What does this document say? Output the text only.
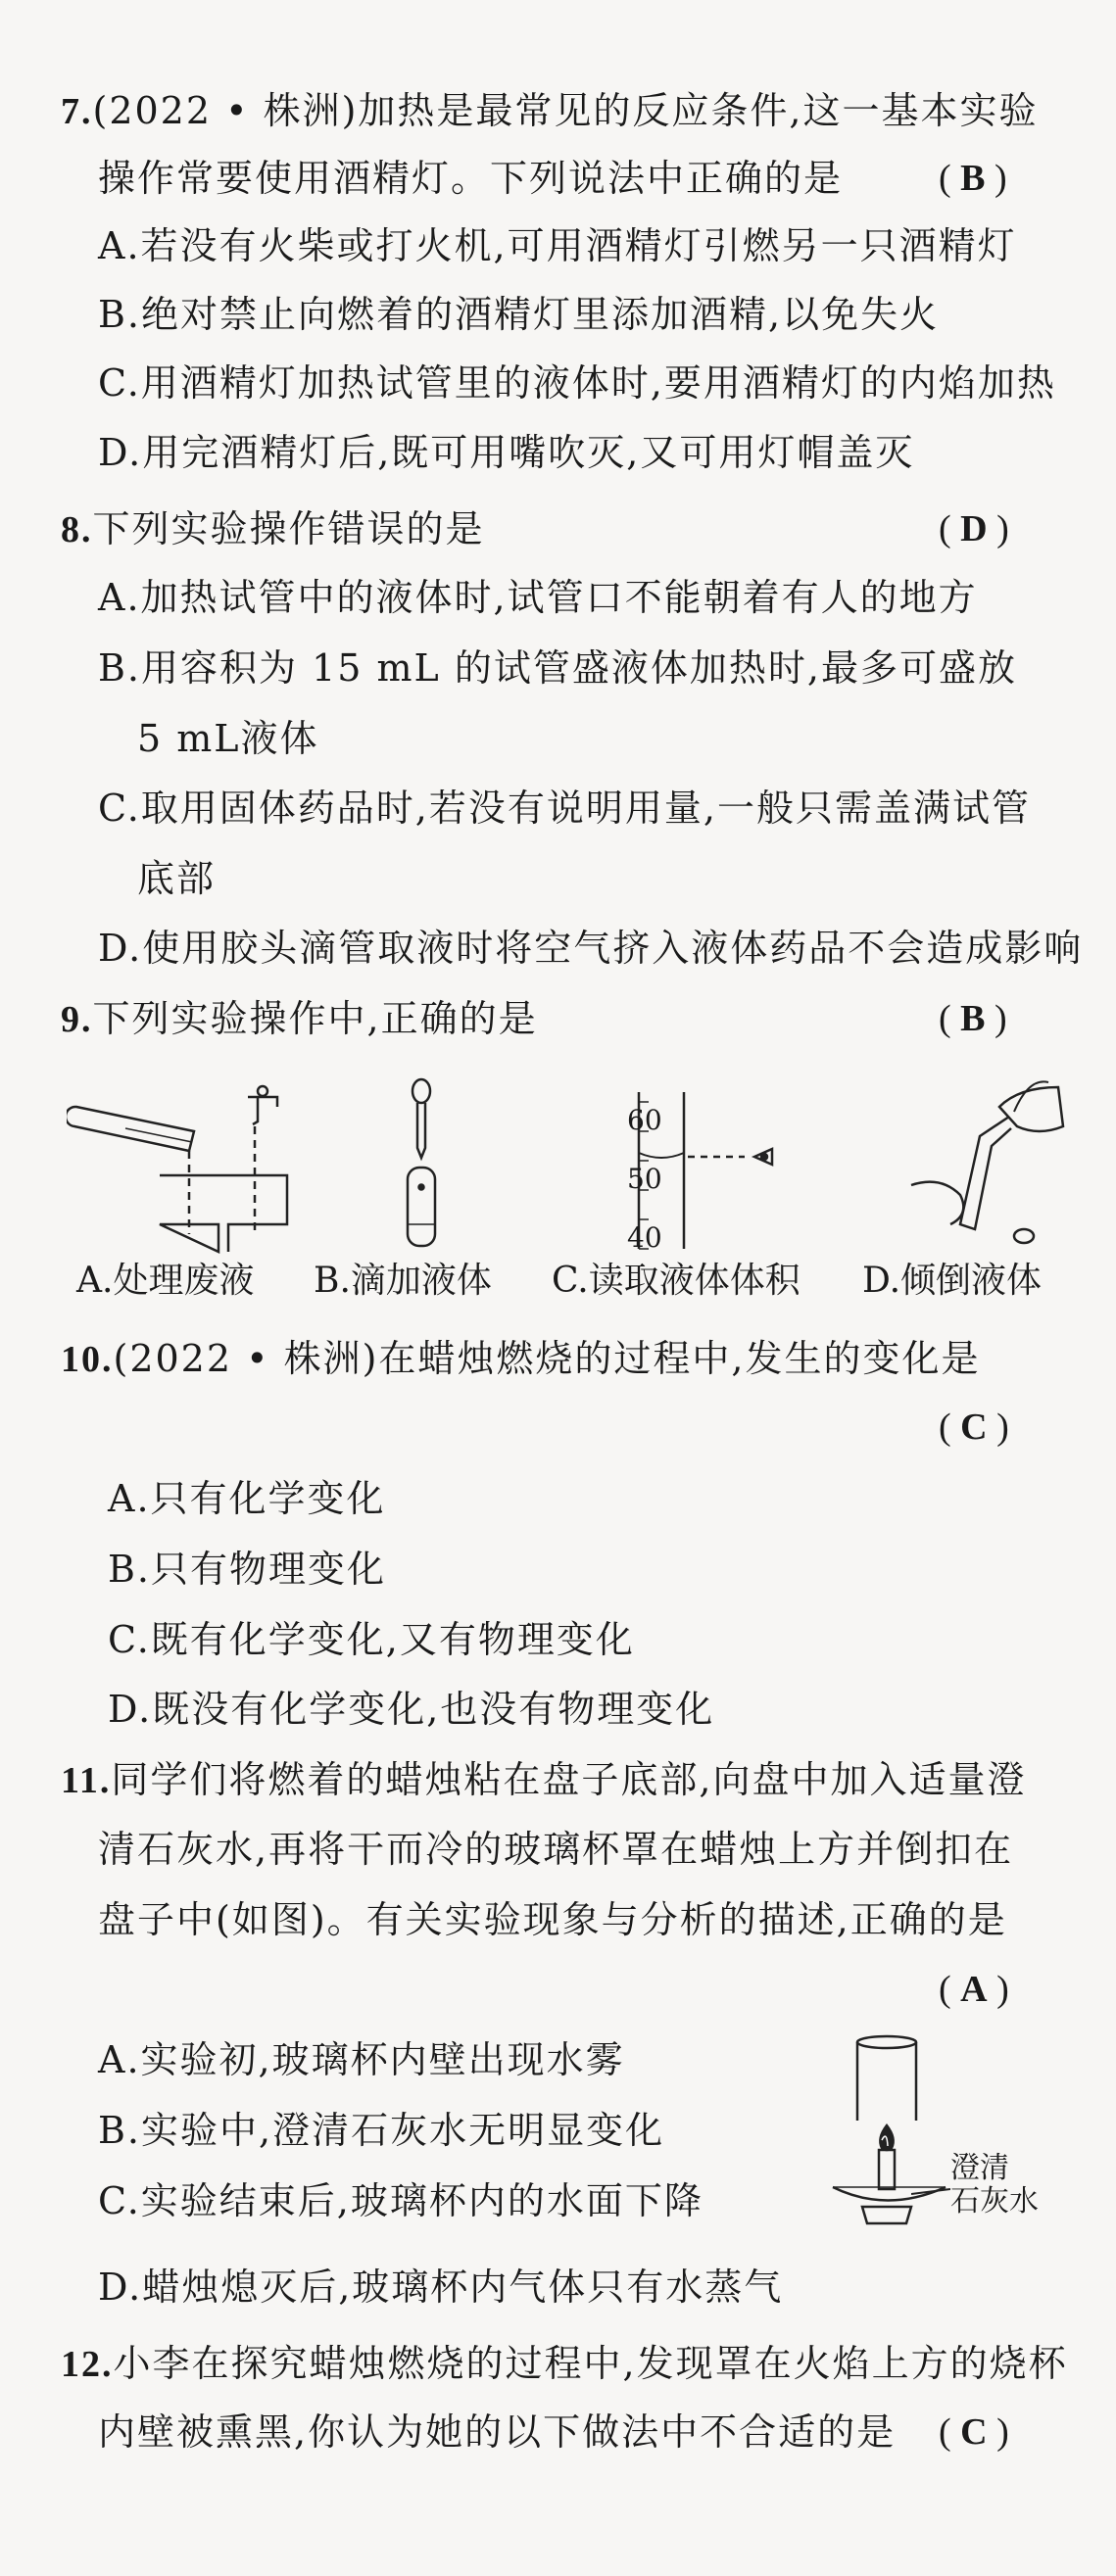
7.(2022 • 株洲)加热是最常见的反应条件,这一基本实验
操作常要使用酒精灯。下列说法中正确的是	( B )
A.若没有火柴或打火机,可用酒精灯引燃另一只酒精灯
B.绝对禁止向燃着的酒精灯里添加酒精,以免失火
C.用酒精灯加热试管里的液体时,要用酒精灯的内焰加热
D.用完酒精灯后,既可用嘴吹灭,又可用灯帽盖灭
8.下列实验操作错误的是	( D )
A.加热试管中的液体时,试管口不能朝着有人的地方
B.用容积为 15 mL 的试管盛液体加热时,最多可盛放
5 mL液体
C.取用固体药品时,若没有说明用量,一般只需盖满试管
底部
D.使用胶头滴管取液时将空气挤入液体药品不会造成影响
9.下列实验操作中,正确的是	( B )
60
50
40
A.处理废液 B.滴加液体 C.读取液体体积 D.倾倒液体
10.(2022 • 株洲)在蜡烛燃烧的过程中,发生的变化是
( C )
A.只有化学变化
B.只有物理变化
C.既有化学变化,又有物理变化
D.既没有化学变化,也没有物理变化
11.同学们将燃着的蜡烛粘在盘子底部,向盘中加入适量澄
清石灰水,再将干而冷的玻璃杯罩在蜡烛上方并倒扣在
盘子中(如图)。有关实验现象与分析的描述,正确的是
( A )
A.实验初,玻璃杯内壁出现水雾
B.实验中,澄清石灰水无明显变化
C.实验结束后,玻璃杯内的水面下降
D.蜡烛熄灭后,玻璃杯内气体只有水蒸气
澄清
石灰水
12.小李在探究蜡烛燃烧的过程中,发现罩在火焰上方的烧杯
内壁被熏黑,你认为她的以下做法中不合适的是 ( C )
